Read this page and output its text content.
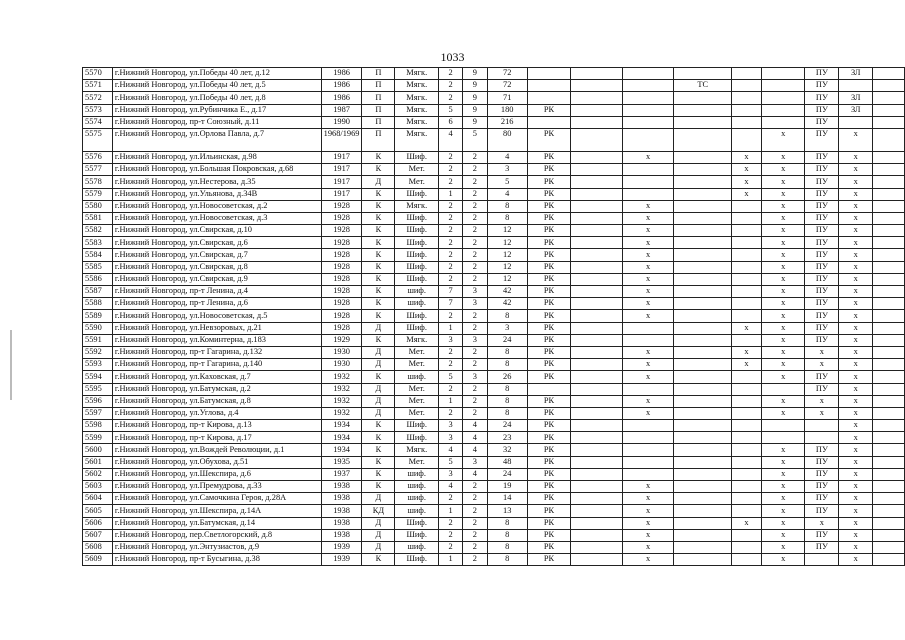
1033
5570	г.Нижний Новгород, ул.Победы 40 лет, д.12	1986	П	Мягк.	2	9	72							ПУ	ЗЛ	
5571	г.Нижний Новгород, ул.Победы 40 лет, д.5	1986	П	Мягк.	2	9	72				ТС			ПУ		
5572	г.Нижний Новгород, ул.Победы 40 лет, д.8	1986	П	Мягк.	2	9	71							ПУ	ЗЛ	
5573	г.Нижний Новгород, ул.Рубинчика Е., д.17	1987	П	Мягк.	5	9	180	РК						ПУ	ЗЛ	
5574	г.Нижний Новгород, пр-т Союзный, д.11	1990	П	Мягк.	6	9	216							ПУ		
5575	г.Нижний Новгород, ул.Орлова Павла, д.7	1968/1969	П	Мягк.	4	5	80	РК					x	ПУ	x	
5576	г.Нижний Новгород, ул.Ильинская, д.98	1917	К	Шиф.	2	2	4	РК		x		x	x	ПУ	x	
5577	г.Нижний Новгород, ул.Большая Покровская, д.68	1917	К	Мет.	2	2	3	РК				x	x	ПУ	x	
5578	г.Нижний Новгород, ул.Нестерова, д.35	1917	Д	Мет.	2	2	5	РК				x	x	ПУ	x	
5579	г.Нижний Новгород, ул.Ульянова, д.34В	1917	К	Шиф.	1	2	4	РК				x	x	ПУ	x	
5580	г.Нижний Новгород, ул.Новосоветская, д.2	1928	К	Мягк.	2	2	8	РК		x			x	ПУ	x	
5581	г.Нижний Новгород, ул.Новосоветская, д.3	1928	К	Шиф.	2	2	8	РК		x			x	ПУ	x	
5582	г.Нижний Новгород, ул.Свирская, д.10	1928	К	Шиф.	2	2	12	РК		x			x	ПУ	x	
5583	г.Нижний Новгород, ул.Свирская, д.6	1928	К	Шиф.	2	2	12	РК		x			x	ПУ	x	
5584	г.Нижний Новгород, ул.Свирская, д.7	1928	К	Шиф.	2	2	12	РК		x			x	ПУ	x	
5585	г.Нижний Новгород, ул.Свирская, д.8	1928	К	Шиф.	2	2	12	РК		x			x	ПУ	x	
5586	г.Нижний Новгород, ул.Свирская, д.9	1928	К	Шиф.	2	2	12	РК		x			x	ПУ	x	
5587	г.Нижний Новгород, пр-т Ленина, д.4	1928	К	шиф.	7	3	42	РК		x			x	ПУ	x	
5588	г.Нижний Новгород, пр-т Ленина, д.6	1928	К	шиф.	7	3	42	РК		x			x	ПУ	x	
5589	г.Нижний Новгород, ул.Новосоветская, д.5	1928	К	Шиф.	2	2	8	РК		x			x	ПУ	x	
5590	г.Нижний Новгород, ул.Невзоровых, д.21	1928	Д	Шиф.	1	2	3	РК				x	x	ПУ	x	
5591	г.Нижний Новгород, ул.Коминтерна, д.183	1929	К	Мягк.	3	3	24	РК					x	ПУ	x	
5592	г.Нижний Новгород, пр-т Гагарина, д.132	1930	Д	Мет.	2	2	8	РК		x		x	x	x	x	
5593	г.Нижний Новгород, пр-т Гагарина, д.140	1930	Д	Мет.	2	2	8	РК		x		x	x	x	x	
5594	г.Нижний Новгород, ул.Каховская, д.7	1932	К	шиф.	5	3	26	РК		x			x	ПУ	x	
5595	г.Нижний Новгород, ул.Батумская, д.2	1932	Д	Мет.	2	2	8							ПУ	x	
5596	г.Нижний Новгород, ул.Батумская, д.8	1932	Д	Мет.	1	2	8	РК		x			x	x	x	
5597	г.Нижний Новгород, ул.Углова, д.4	1932	Д	Мет.	2	2	8	РК		x			x	x	x	
5598	г.Нижний Новгород, пр-т Кирова, д.13	1934	К	Шиф.	3	4	24	РК							x	
5599	г.Нижний Новгород, пр-т Кирова, д.17	1934	К	Шиф.	3	4	23	РК							x	
5600	г.Нижний Новгород, ул.Вождей Революции, д.1	1934	К	Мягк.	4	4	32	РК					x	ПУ	x	
5601	г.Нижний Новгород, ул.Обухова, д.51	1935	К	Мет.	5	3	48	РК					x	ПУ	x	
5602	г.Нижний Новгород, ул.Шекспира, д.6	1937	К	шиф.	3	4	24	РК					x	ПУ	x	
5603	г.Нижний Новгород, ул.Премудрова, д.33	1938	К	шиф.	4	2	19	РК		x			x	ПУ	x	
5604	г.Нижний Новгород, ул.Самочкина Героя, д.28А	1938	Д	шиф.	2	2	14	РК		x			x	ПУ	x	
5605	г.Нижний Новгород, ул.Шекспира, д.14А	1938	КД	шиф.	1	2	13	РК		x			x	ПУ	x	
5606	г.Нижний Новгород, ул.Батумская, д.14	1938	Д	Шиф.	2	2	8	РК		x		x	x	x	x	
5607	г.Нижний Новгород, пер.Светлогорский, д.8	1938	Д	Шиф.	2	2	8	РК		x			x	ПУ	x	
5608	г.Нижний Новгород, ул.Энтузиастов, д.9	1939	Д	шиф.	2	2	8	РК		x			x	ПУ	x	
5609	г.Нижний Новгород, пр-т Бусыгина, д.38	1939	К	Шиф.	1	2	8	РК		x			x		x	
